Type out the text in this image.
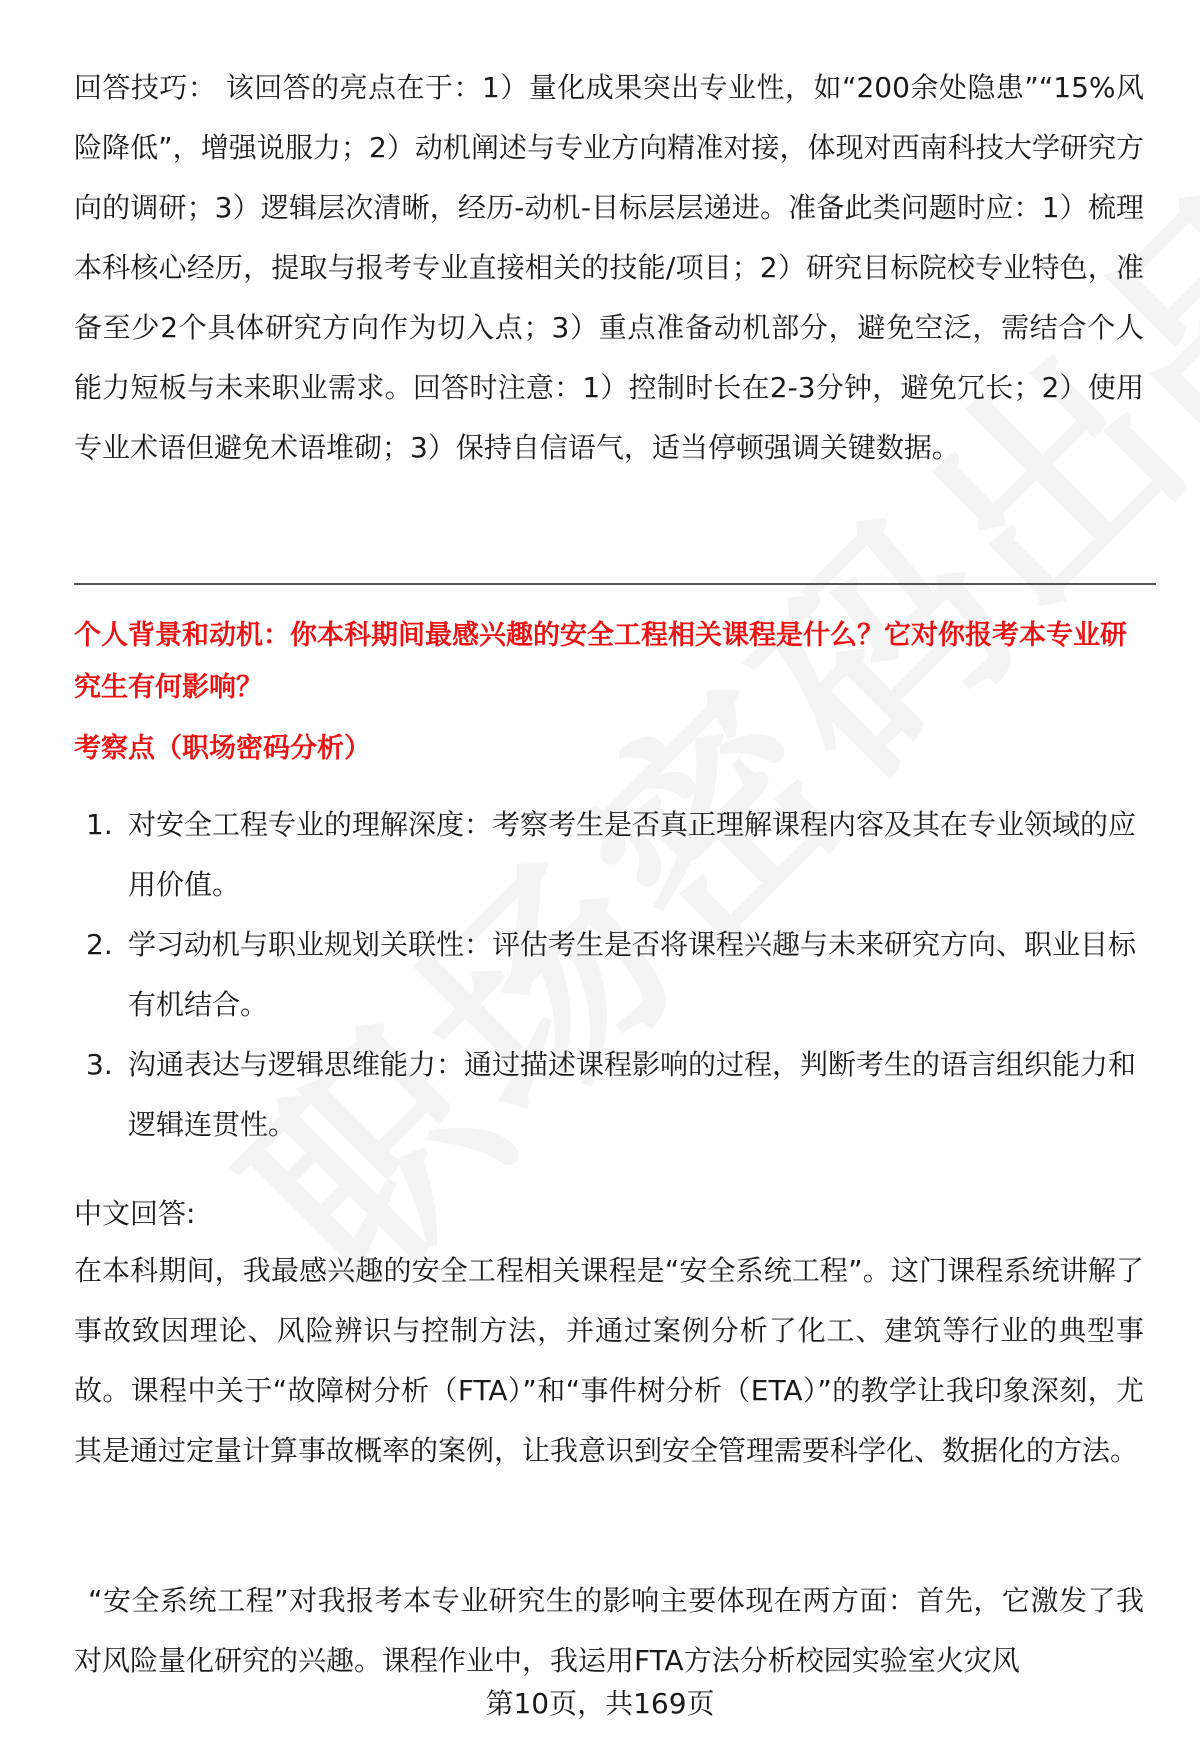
回答技巧： 该回答的亮点在于：1）量化成果突出专业性，如“200余处隐患”“15%风险降低”，增强说服力；2）动机阐述与专业方向精准对接，体现对西南科技大学研究方向的调研；3）逻辑层次清晰，经历-动机-目标层层递进。准备此类问题时应：1）梳理本科核心经历，提取与报考专业直接相关的技能/项目；2）研究目标院校专业特色，准备至少2个具体研究方向作为切入点；3）重点准备动机部分，避免空泛，需结合个人能力短板与未来职业需求。回答时注意：1）控制时长在2-3分钟，避免冗长；2）使用专业术语但避免术语堆砌；3）保持自信语气，适当停顿强调关键数据。

个人背景和动机：你本科期间最感兴趣的安全工程相关课程是什么？它对你报考本专业研究生有何影响？

考察点（职场密码分析）

1. 对安全工程专业的理解深度：考察考生是否真正理解课程内容及其在专业领域的应用价值。
2. 学习动机与职业规划关联性：评估考生是否将课程兴趣与未来研究方向、职业目标有机结合。
3. 沟通表达与逻辑思维能力：通过描述课程影响的过程，判断考生的语言组织能力和逻辑连贯性。

中文回答:

在本科期间，我最感兴趣的安全工程相关课程是“安全系统工程”。这门课程系统讲解了事故致因理论、风险辨识与控制方法，并通过案例分析了化工、建筑等行业的典型事故。课程中关于“故障树分析（FTA）”和“事件树分析（ETA）”的教学让我印象深刻，尤其是通过定量计算事故概率的案例，让我意识到安全管理需要科学化、数据化的方法。

“安全系统工程”对我报考本专业研究生的影响主要体现在两方面：首先，它激发了我对风险量化研究的兴趣。课程作业中，我运用FTA方法分析校园实验室火灾风

第10页，共169页
